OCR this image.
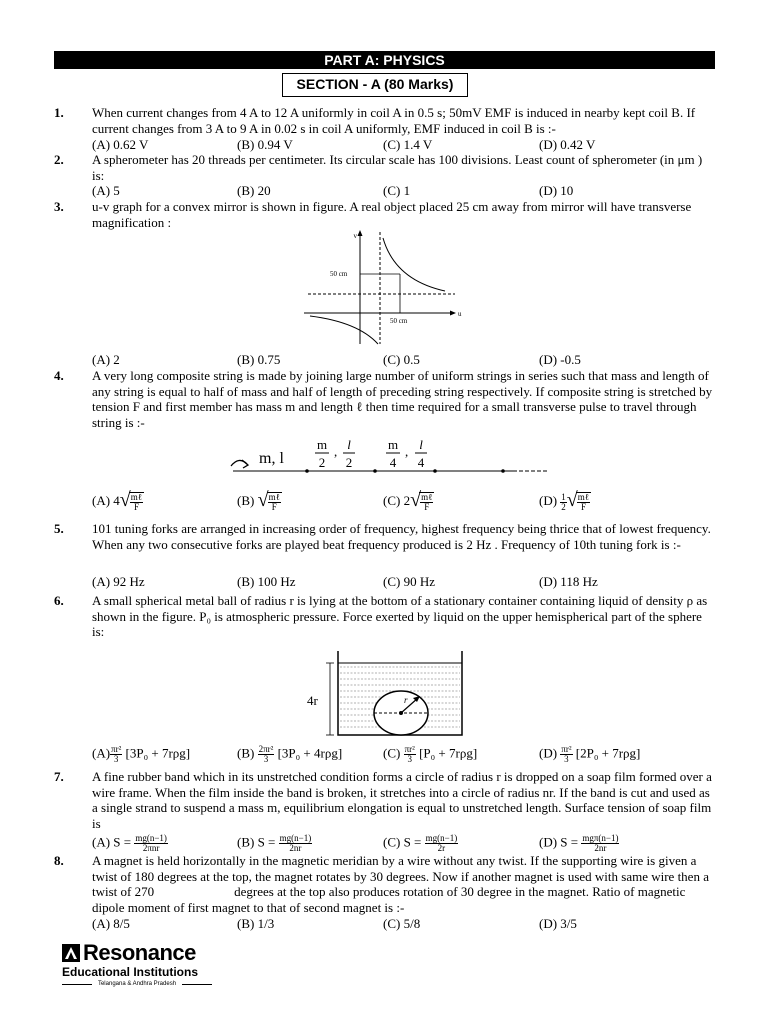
PART A: PHYSICS
SECTION - A (80 Marks)
1. When current changes from 4 A to 12 A uniformly in coil A in 0.5 s; 50mV EMF is induced in nearby kept coil B. If current changes from 3 A to 9 A in 0.02 s in coil A uniformly, EMF induced in coil B is :-
(A) 0.62 V	(B) 0.94 V	(C) 1.4 V	(D) 0.42 V
2. A spherometer has 20 threads per centimeter. Its circular scale has 100 divisions. Least count of spherometer (in μm ) is:
(A) 5	(B) 20	(C) 1	(D) 10
3. u-v graph for a convex mirror is shown in figure. A real object placed 25 cm away from mirror will have transverse magnification :
v
u
50 cm
50 cm
(A) 2	(B) 0.75	(C) 0.5	(D) -0.5
4. A very long composite string is made by joining large number of uniform strings in series such that mass and length of any string is equal to half of mass and half of length of preceding string respectively. If composite string is stretched by tension F and first member has mass m and length ℓ then time required for a small transverse pulse to travel through string is :-
m, l
m
2
, l
2
m
4
, l
4
(A) 4 √
$\frac{\text{mℓ}}{F}$	(B) √
$\frac{\text{mℓ}}{F}$	(C) 2 √
$\frac{\text{mℓ}}{F}$	$(D) \frac{1}{2}$ √
$\frac{\text{mℓ}}{F}$
5. 101 tuning forks are arranged in increasing order of frequency, highest frequency being thrice that of lowest frequency. When any two consecutive forks are played beat frequency produced is 2 Hz . Frequency of 10th tuning fork is :-
(A) 92 Hz	(B) 100 Hz	(C) 90 Hz	(D) 118 Hz
6. A small spherical metal ball of radius r is lying at the bottom of a stationary container containing liquid of density ρ as shown in the figure. P₀ is atmospheric pressure. Force exerted by liquid on the upper hemispherical part of the sphere is:
r
4r
$(A) \frac{\text{πr²}}{3} [3P_0 + 7r\rho g]$	$(B) \frac{\text{2πr²}}{3} [3P_0 + 4r\rho g]$	$(C) \frac{\text{πr²}}{3} [P_0 + 7r\rho g]$	$(D) \frac{\text{πr²}}{3} [2P_0 + 7r\rho g]$
7. A fine rubber band which in its unstretched condition forms a circle of radius r is dropped on a soap film formed over a wire frame. When the film inside the band is broken, it stretches into a circle of radius nr. If the band is cut and used as a single strand to suspend a mass m, equilibrium elongation is equal to unstretched length. Surface tension of soap film is
(A) $S = \frac{mg(n-1)}{\text{2πnr}}$	(B) $S = \frac{mg(n-1)}{2nr}$	(C) $S = \frac{mg(n-1)}{2r}$	(D) $S = \frac{\text{mgπ(n−1)}}{2nr}$
8. A magnet is held horizontally in the magnetic meridian by a wire without any twist. If the supporting wire is given a twist of 180 degrees at the top, the magnet rotates by 30 degrees. Now if another magnet is used with same wire then a twist of 270	degrees at the top also produces rotation of 30 degree in the magnet. Ratio of magnetic dipole moment of first magnet to that of second magnet is :-
(A) 8/5	(B) 1/3	(C) 5/8	(D) 3/5
Resonance
Educational Institutions
Telangana & Andhra Pradesh
